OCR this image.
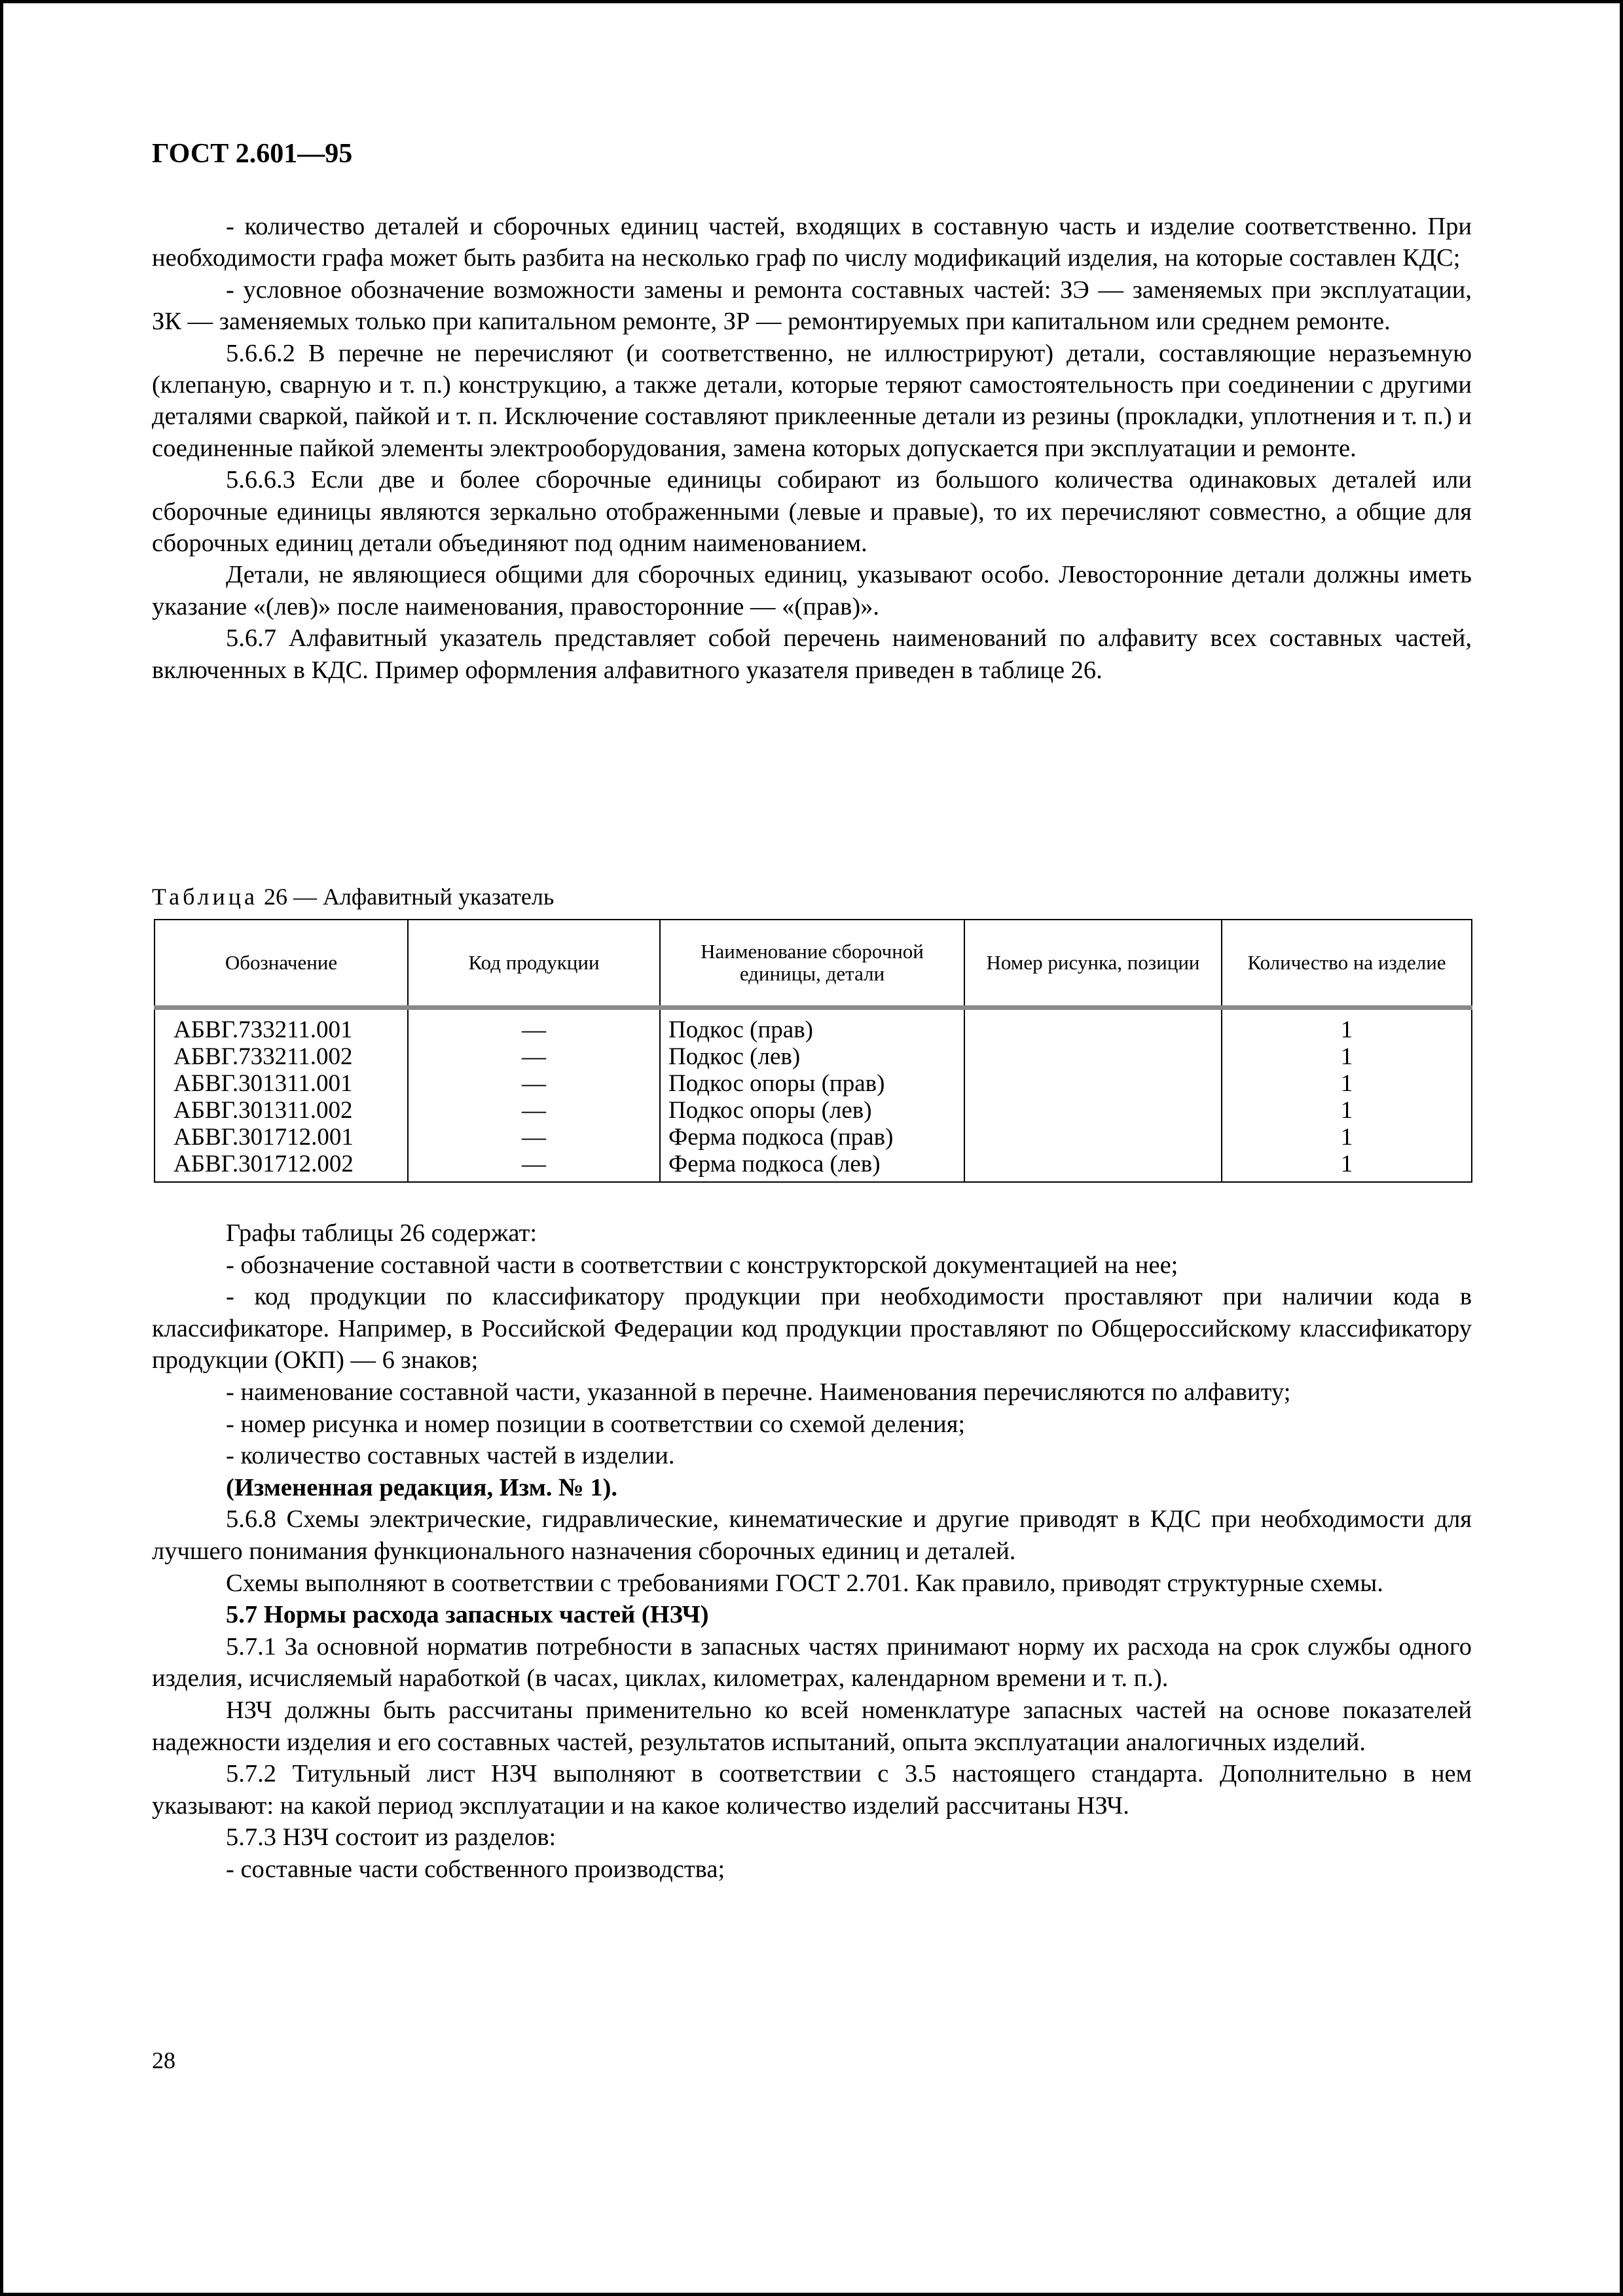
ГОСТ 2.601—95

- количество деталей и сборочных единиц частей, входящих в составную часть и изделие соответственно. При необходимости графа может быть разбита на несколько граф по числу модификаций изделия, на которые составлен КДС;

- условное обозначение возможности замены и ремонта составных частей: ЗЭ — заменяемых при эксплуатации, ЗК — заменяемых только при капитальном ремонте, ЗР — ремонтируемых при капитальном или среднем ремонте.

5.6.6.2 В перечне не перечисляют (и соответственно, не иллюстрируют) детали, составляющие неразъемную (клепаную, сварную и т. п.) конструкцию, а также детали, которые теряют самостоятельность при соединении с другими деталями сваркой, пайкой и т. п. Исключение составляют приклеенные детали из резины (прокладки, уплотнения и т. п.) и соединенные пайкой элементы электрооборудования, замена которых допускается при эксплуатации и ремонте.

5.6.6.3 Если две и более сборочные единицы собирают из большого количества одинаковых деталей или сборочные единицы являются зеркально отображенными (левые и правые), то их перечисляют совместно, а общие для сборочных единиц детали объединяют под одним наименованием.

Детали, не являющиеся общими для сборочных единиц, указывают особо. Левосторонние детали должны иметь указание «(лев)» после наименования, правосторонние — «(прав)».

5.6.7 Алфавитный указатель представляет собой перечень наименований по алфавиту всех составных частей, включенных в КДС. Пример оформления алфавитного указателя приведен в таблице 26.

Таблица 26 — Алфавитный указатель
Обозначение	Код продукции	Наименование сборочной единицы, детали	Номер рисунка, позиции	Количество на изделие
АБВГ.733211.001	—	Подкос (прав)		1
АБВГ.733211.002	—	Подкос (лев)		1
АБВГ.301311.001	—	Подкос опоры (прав)		1
АБВГ.301311.002	—	Подкос опоры (лев)		1
АБВГ.301712.001	—	Ферма подкоса (прав)		1
АБВГ.301712.002	—	Ферма подкоса (лев)		1

Графы таблицы 26 содержат:

- обозначение составной части в соответствии с конструкторской документацией на нее;

- код продукции по классификатору продукции при необходимости проставляют при наличии кода в классификаторе. Например, в Российской Федерации код продукции проставляют по Общероссийскому классификатору продукции (ОКП) — 6 знаков;

- наименование составной части, указанной в перечне. Наименования перечисляются по алфавиту;

- номер рисунка и номер позиции в соответствии со схемой деления;

- количество составных частей в изделии.

(Измененная редакция, Изм. № 1).

5.6.8 Схемы электрические, гидравлические, кинематические и другие приводят в КДС при необходимости для лучшего понимания функционального назначения сборочных единиц и деталей.

Схемы выполняют в соответствии с требованиями ГОСТ 2.701. Как правило, приводят структурные схемы.

5.7 Нормы расхода запасных частей (НЗЧ)

5.7.1 За основной норматив потребности в запасных частях принимают норму их расхода на срок службы одного изделия, исчисляемый наработкой (в часах, циклах, километрах, календарном времени и т. п.).

НЗЧ должны быть рассчитаны применительно ко всей номенклатуре запасных частей на основе показателей надежности изделия и его составных частей, результатов испытаний, опыта эксплуатации аналогичных изделий.

5.7.2 Титульный лист НЗЧ выполняют в соответствии с 3.5 настоящего стандарта. Дополнительно в нем указывают: на какой период эксплуатации и на какое количество изделий рассчитаны НЗЧ.

5.7.3 НЗЧ состоит из разделов:

- составные части собственного производства;

28
